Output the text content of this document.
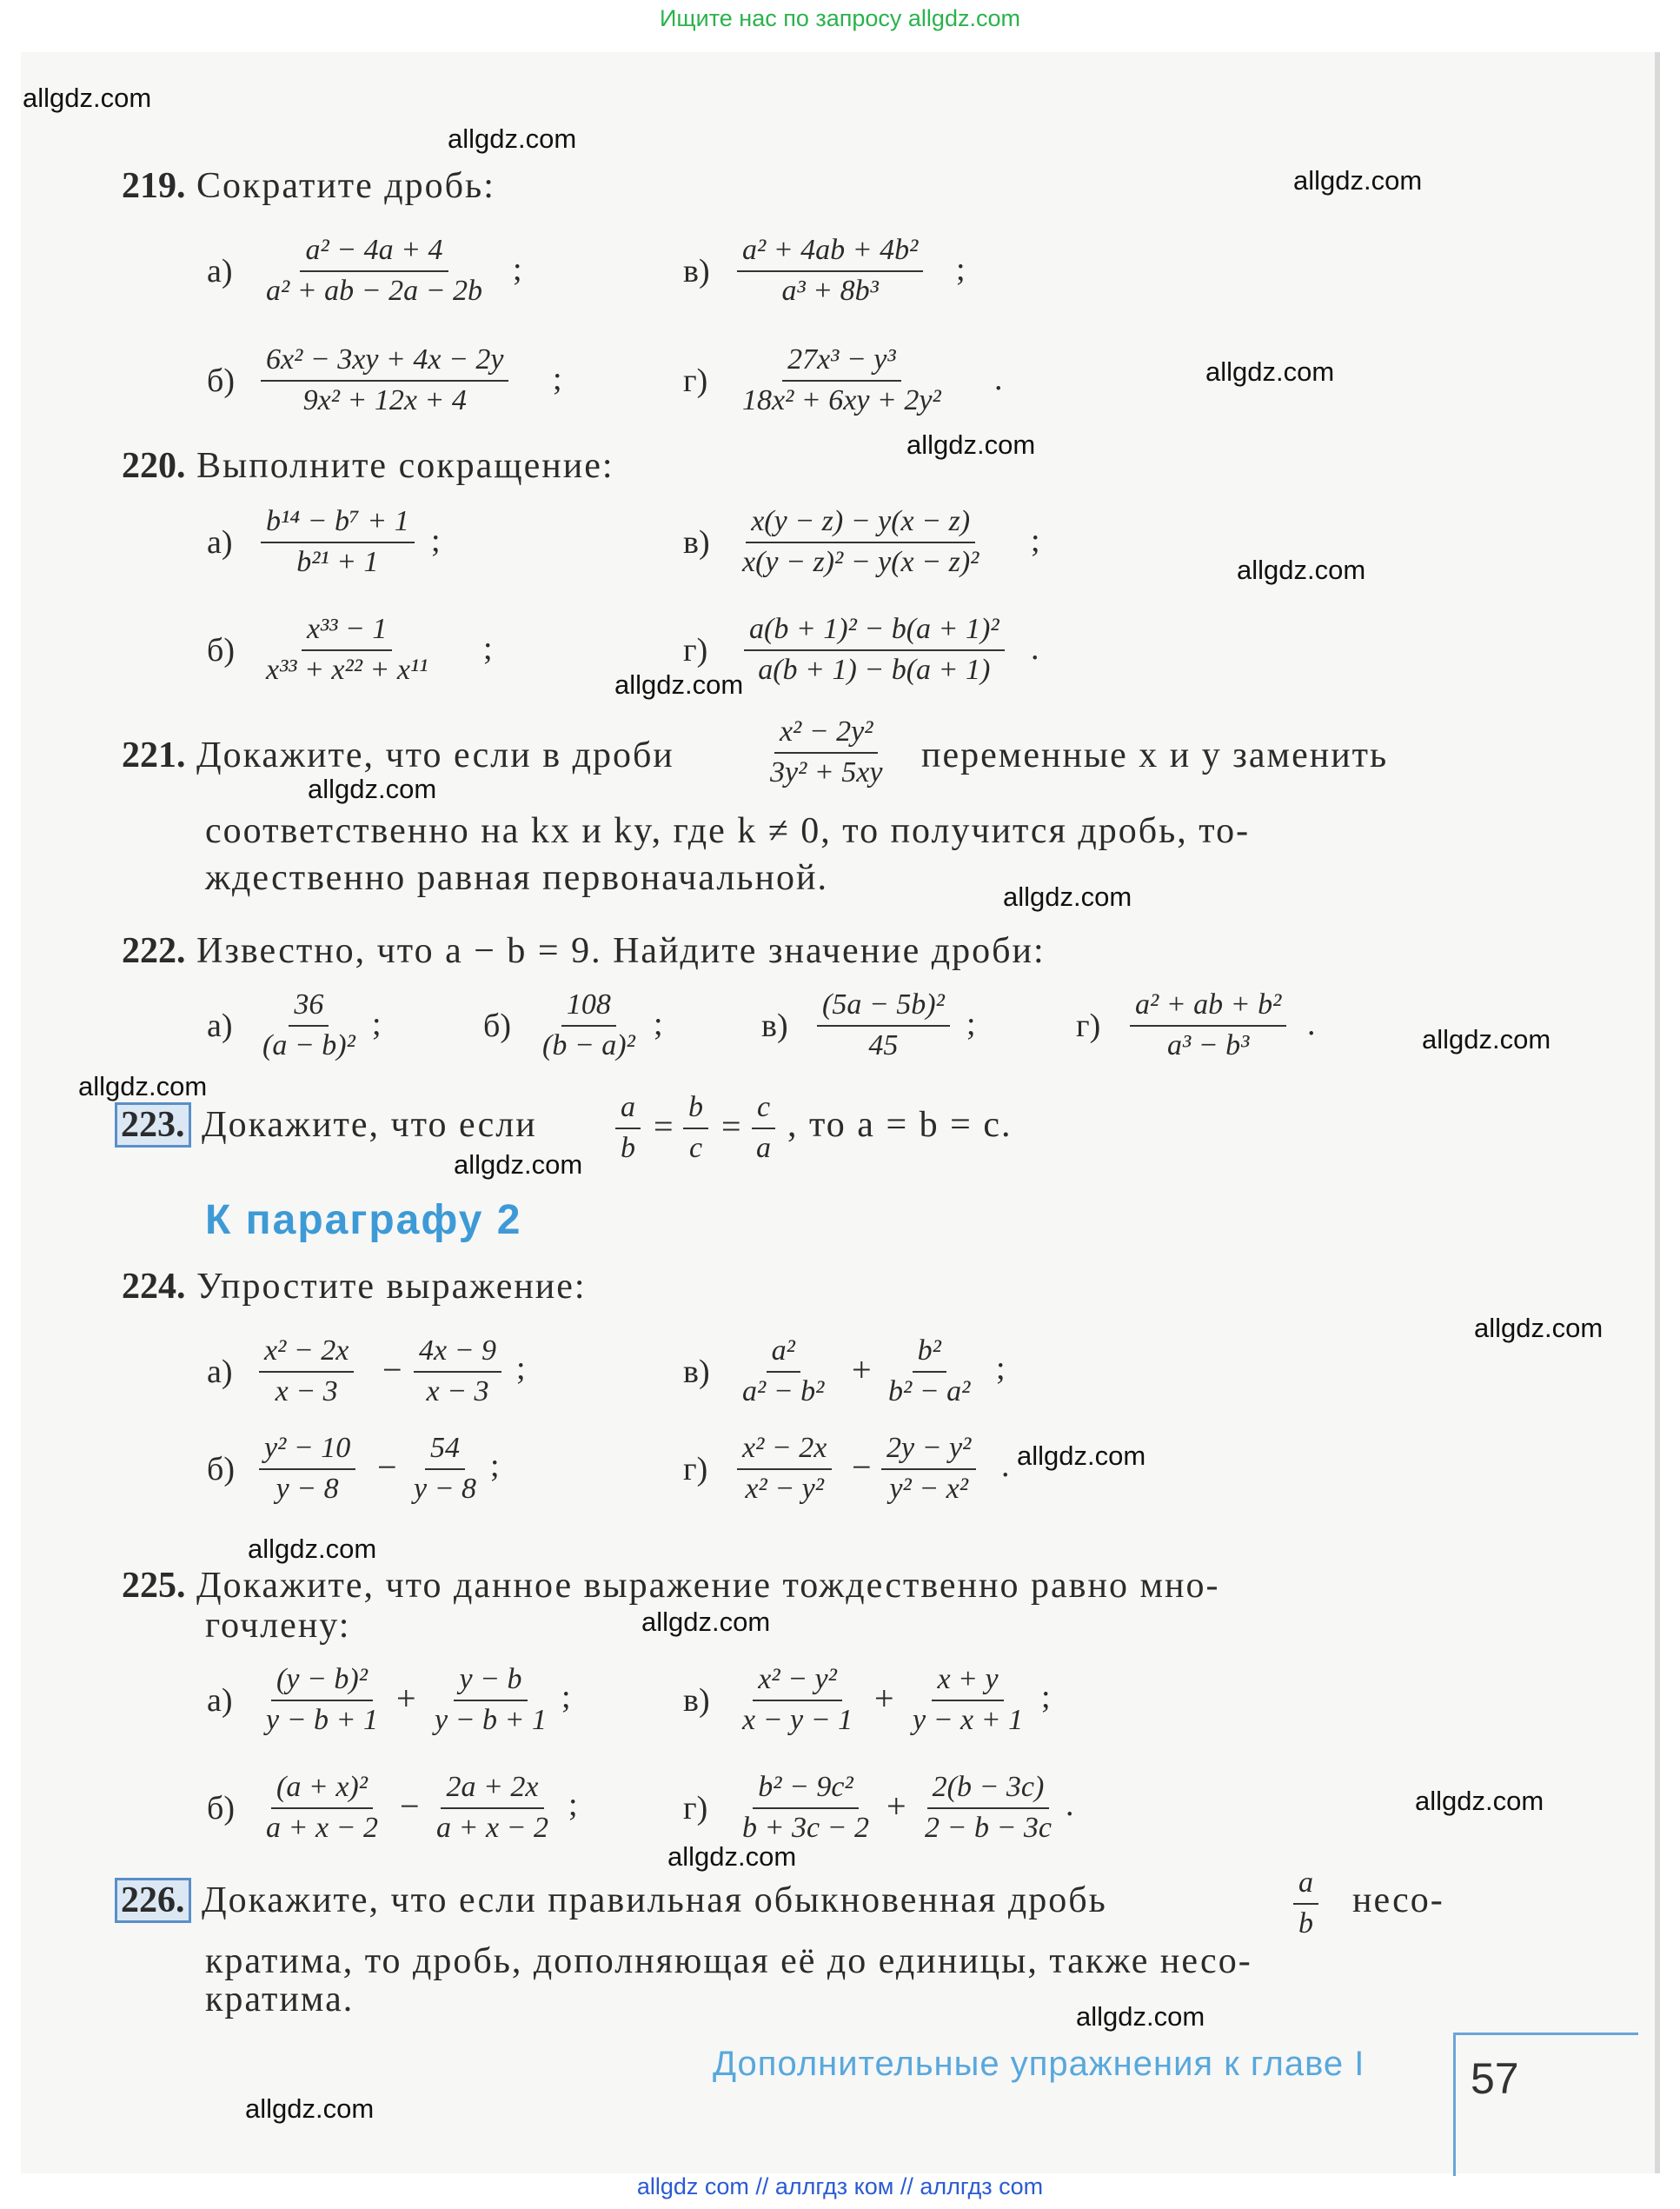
Ищите нас по запросу allgdz.com
allgdz.com
allgdz.com
allgdz.com
allgdz.com
allgdz.com
allgdz.com
allgdz.com
allgdz.com
allgdz.com
allgdz.com
allgdz.com
allgdz.com
allgdz.com
allgdz.com
allgdz.com
allgdz.com
allgdz.com
allgdz.com
allgdz.com
allgdz.com
219. Сократите дробь:
$а) \frac{\text{a² − 4a + 4}}{\text{a² + ab − 2a − 2b}}$ ;	$в) \frac{\text{a² + 4ab + 4b²}}{\text{a³ + 8b³}}$ ;
$б) \frac{\text{6x² − 3xy + 4x − 2y}}{\text{9x² + 12x + 4}}$ ;	$г) \frac{\text{27x³ − y³}}{\text{18x² + 6xy + 2y²}}$ .
220. Выполните сокращение:
$а) \frac{\text{b¹⁴ − b⁷ + 1}}{\text{b²¹ + 1}}$ ;	$в) \frac{x(y - z) - y(x - z)}{\text{x(y − z)² − y(x − z)²}}$ ;
$б) \frac{\text{x³³ − 1}}{\text{x³³ + x²² + x¹¹}}$ ;	$г) \frac{\text{a(b + 1)² − b(a + 1)²}}{a(b + 1) - b(a + 1)}$ .
221. Докажите, что если в дроби	$\frac{\text{x² − 2y²}}{\text{3y² + 5xy}}$ переменные x и y заменить
соответственно на kx и ky, где k ≠ 0, то получится дробь, то-
ждественно равная первоначальной.
222. Известно, что a − b = 9. Найдите значение дроби:
$а) \frac{36}{\text{(a − b)²}}$ ;	$б) \frac{108}{\text{(b − a)²}}$ ;	$в) \frac{\text{(5a − 5b)²}}{45}$ ;	$г) \frac{\text{a² + ab + b²}}{\text{a³ − b³}}$ .
223. Докажите, что если	$\frac{a}{b} = \frac{b}{c} = \frac{c}{a}$ , то a = b = c.
К параграфу 2
224. Упростите выражение:
$а) \frac{\text{x² − 2x}}{x - 3} - \frac{4x - 9}{x - 3}$ ;	$в) \frac{\text{a²}}{\text{a² − b²}} + \frac{\text{b²}}{\text{b² − a²}}$ ;
$б) \frac{\text{y² − 10}}{y - 8} - \frac{54}{y - 8}$ ;	$г) \frac{\text{x² − 2x}}{\text{x² − y²}} - \frac{\text{2y − y²}}{\text{y² − x²}}$ .
225. Докажите, что данное выражение тождественно равно мно-
гочлену:
$а) \frac{\text{(y − b)²}}{y - b + 1} + \frac{y - b}{y - b + 1}$ ;	$в) \frac{\text{x² − y²}}{x - y - 1} + \frac{x + y}{y - x + 1}$ ;
$б) \frac{\text{(a + x)²}}{a + x - 2} - \frac{2a + 2x}{a + x - 2}$ ;	$г) \frac{\text{b² − 9c²}}{b + 3c - 2} + \frac{2(b - 3c)}{2 - b - 3c}$ .
226. Докажите, что если правильная обыкновенная дробь	$\frac{a}{b}$ несо-
кратима, то дробь, дополняющая её до единицы, также несо-
кратима.
Дополнительные упражнения к главе I 57
allgdz com // аллгдз ком // аллгдз сom
